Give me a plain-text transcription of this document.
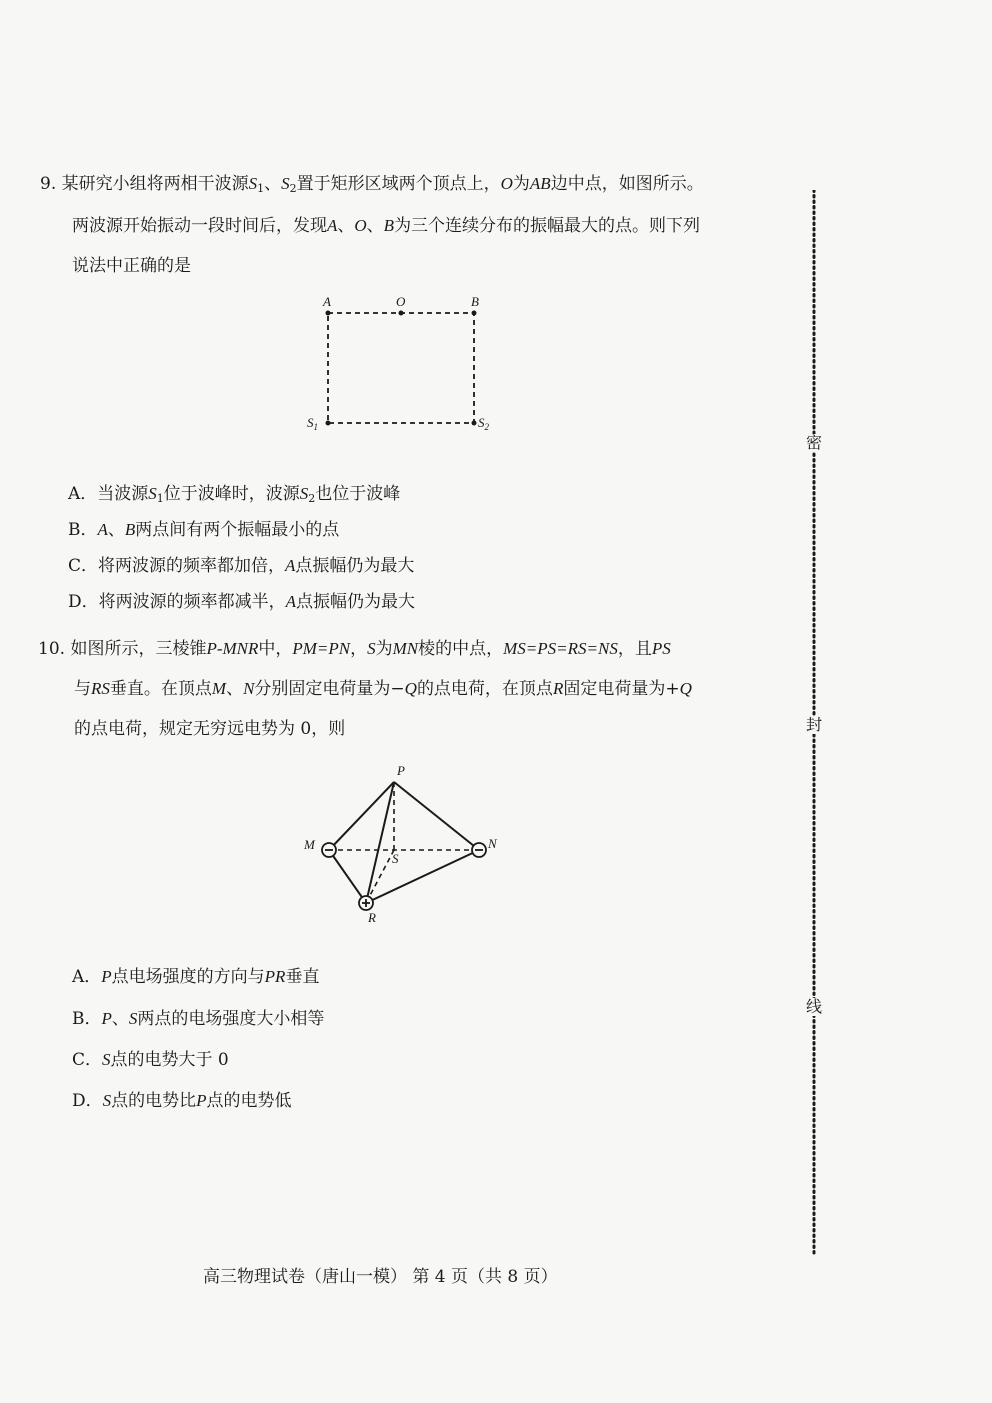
9. 某研究小组将两相干波源$S_1$、$S_2$置于矩形区域两个顶点上，O为AB边中点，如图所示。
两波源开始振动一段时间后，发现A、O、B为三个连续分布的振幅最大的点。则下列
说法中正确的是
A	O	B
$S_1$	$S_2$
A．当波源$S_1$位于波峰时，波源$S_2$也位于波峰
B．A、B两点间有两个振幅最小的点
C．将两波源的频率都加倍，A点振幅仍为最大
D．将两波源的频率都减半，A点振幅仍为最大
10. 如图所示，三棱锥P-MNR中，PM=PN，S为MN棱的中点，MS=PS=RS=NS，且PS
与RS垂直。在顶点M、N分别固定电荷量为−Q的点电荷，在顶点R固定电荷量为+Q
的点电荷，规定无穷远电势为 0，则
P
M	N
S
R
A．P点电场强度的方向与PR垂直
B．P、S两点的电场强度大小相等
C．S点的电势大于 0
D．S点的电势比P点的电势低
密
封
线
高三物理试卷（唐山一模） 第 4 页（共 8 页）
